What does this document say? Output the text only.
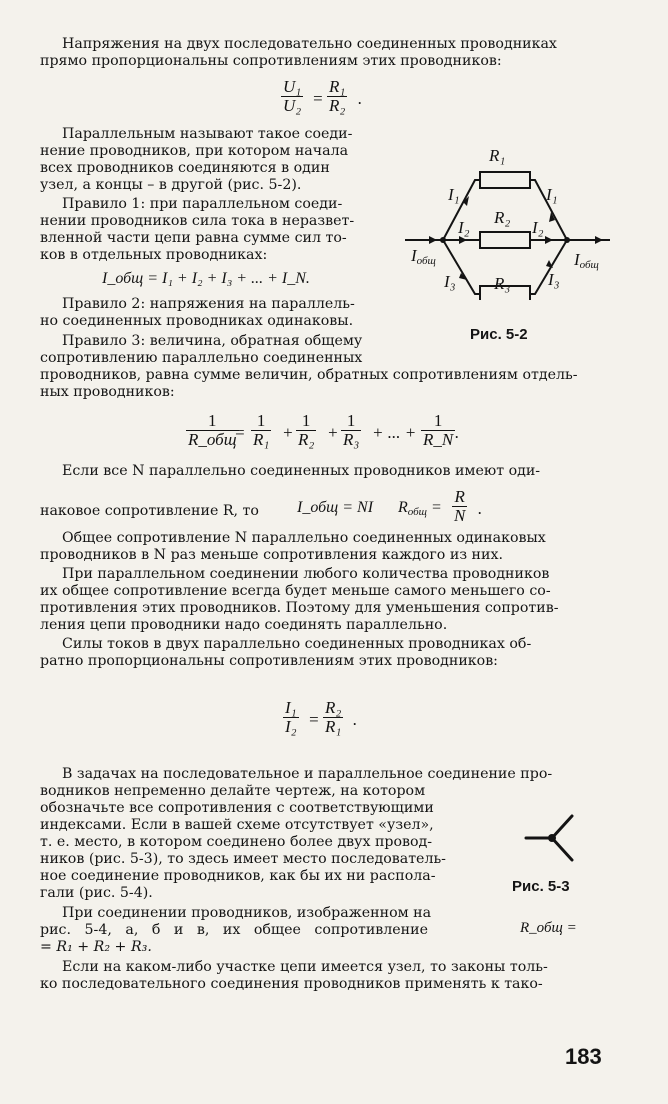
Напряжения на двух последовательно соединенных проводниках
прямо пропорциональны сопротивлениям этих проводников:
$\frac{\text{U₁}}{\text{U₂}} = \frac{\text{R₁}}{\text{R₂}}$ .
Параллельным называют такое соеди-
нение проводников, при котором начала
всех проводников соединяются в один
узел, а концы – в другой (рис. 5-2).
Правило 1: при параллельном соеди-
нении проводников сила тока в неразвет-
вленной части цепи равна сумме сил то-
ков в отдельных проводниках:
I_общ = I₁ + I₂ + I₃ + ... + I_N.
Правило 2: напряжения на параллель-
но соединенных проводниках одинаковы.
Правило 3: величина, обратная общему
сопротивлению параллельно соединенных
проводников, равна сумме величин, обратных сопротивлениям отдель-
ных проводников:
1
R_общ
= $\frac{1}{\text{R₁}} + \frac{1}{\text{R₂}} + \frac{1}{\text{R₃}}$ + ... + $\frac{1}{R\_N}$ .
Если все N параллельно соединенных проводников имеют оди-
наковое сопротивление R, то I_общ = NI Rобщ = $\frac{R}{N}$ .
Общее сопротивление N параллельно соединенных одинаковых
проводников в N раз меньше сопротивления каждого из них.
При параллельном соединении любого количества проводников
их общее сопротивление всегда будет меньше самого меньшего со-
противления этих проводников. Поэтому для уменьшения сопротив-
ления цепи проводники надо соединять параллельно.
Силы токов в двух параллельно соединенных проводниках об-
ратно пропорциональны сопротивлениям этих проводников:
$\frac{\text{I₁}}{\text{I₂}} = \frac{\text{R₂}}{\text{R₁}}$ .
В задачах на последовательное и параллельное соединение про-
водников непременно делайте чертеж, на котором
обозначьте все сопротивления с соответствующими
индексами. Если в вашей схеме отсутствует «узел»,
т. е. место, в котором соединено более двух провод-
ников (рис. 5-3), то здесь имеет место последователь-
ное соединение проводников, как бы их ни распола-
гали (рис. 5-4).
При соединении проводников, изображенном на
рис. 5-4, а, б и в, их общее сопротивление	R_общ =
= R₁ + R₂ + R₃.
Если на каком-либо участке цепи имеется узел, то законы толь-
ко последовательного соединения проводников применять к тако-
R₁
R₂
R₃
I₁	I₁
I₂	I₂
I₃	I₃
Iобщ	Iобщ
Рис. 5-2
Рис. 5-3
183
